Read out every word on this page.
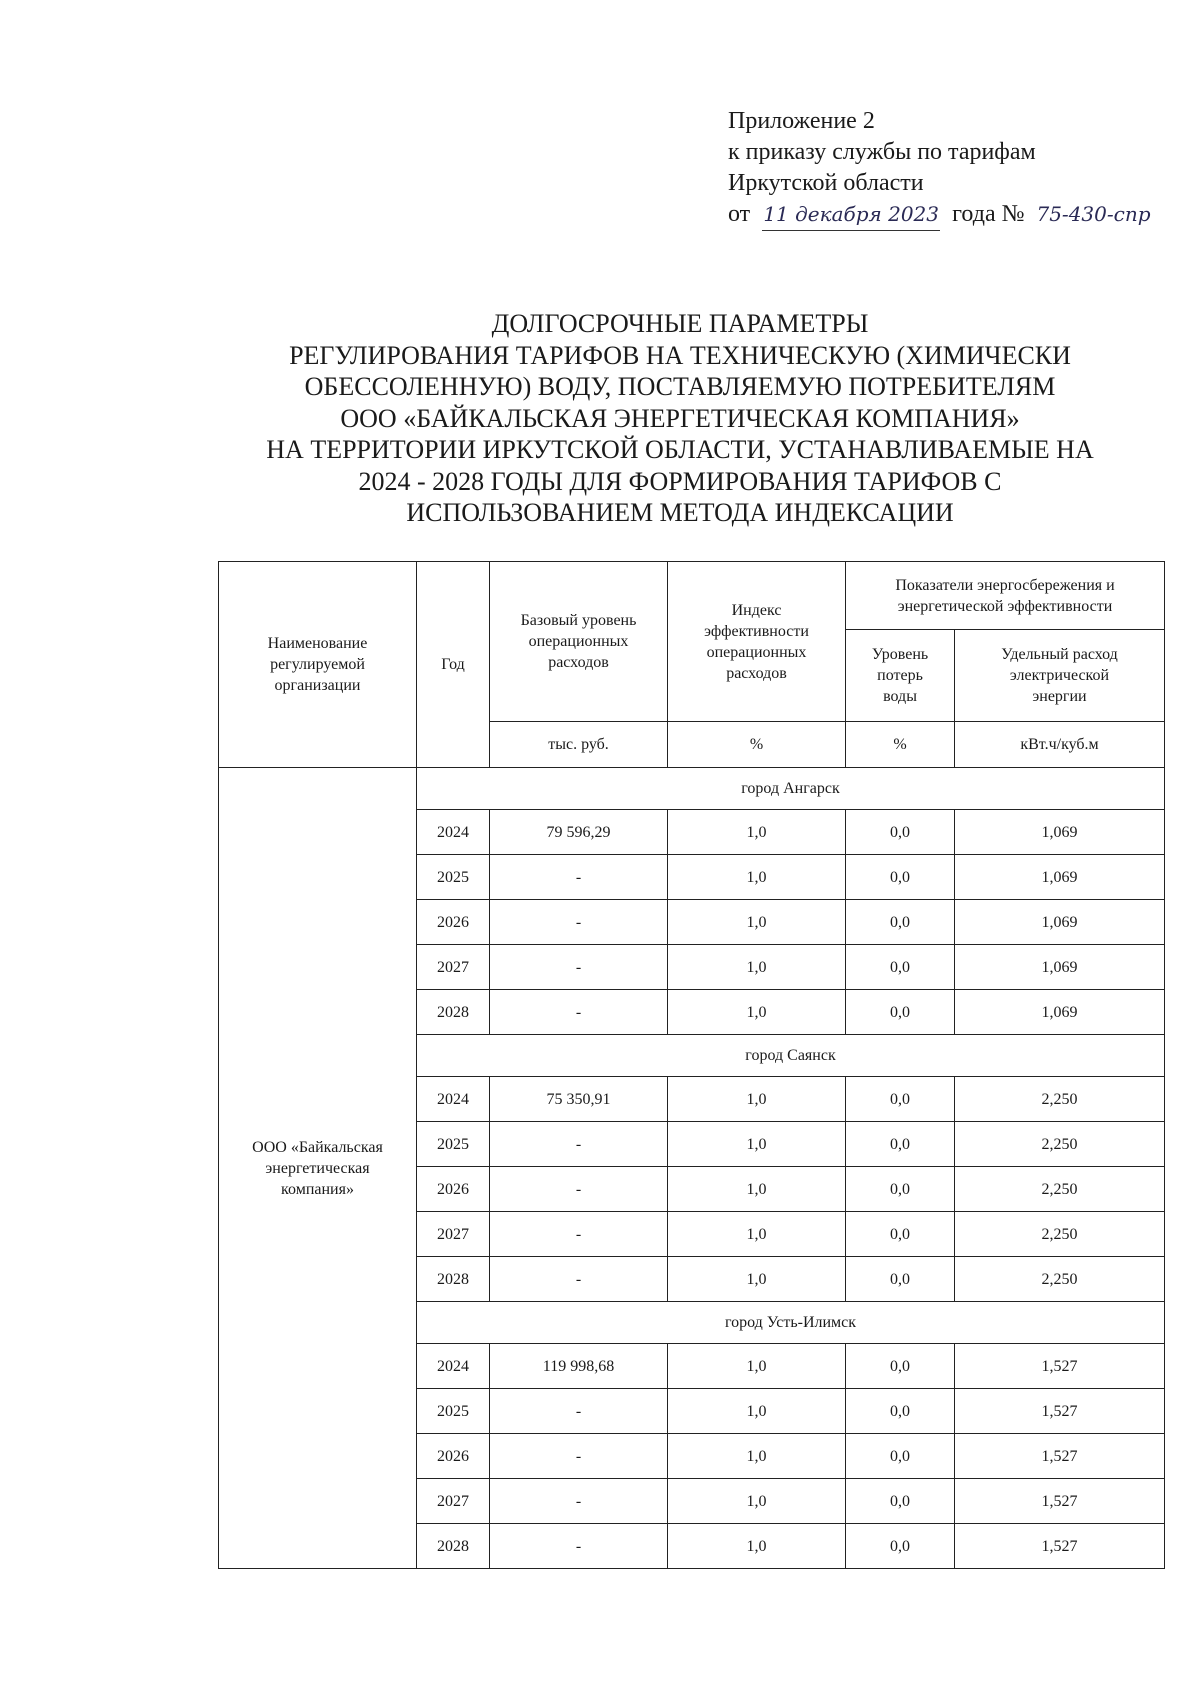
Приложение 2
к приказу службы по тарифам
Иркутской области
от 11 декабря 2023 года № 75-430-спр
ДОЛГОСРОЧНЫЕ ПАРАМЕТРЫ
РЕГУЛИРОВАНИЯ ТАРИФОВ НА ТЕХНИЧЕСКУЮ (ХИМИЧЕСКИ
ОБЕССОЛЕННУЮ) ВОДУ, ПОСТАВЛЯЕМУЮ ПОТРЕБИТЕЛЯМ
ООО «БАЙКАЛЬСКАЯ ЭНЕРГЕТИЧЕСКАЯ КОМПАНИЯ»
НА ТЕРРИТОРИИ ИРКУТСКОЙ ОБЛАСТИ, УСТАНАВЛИВАЕМЫЕ НА
2024 - 2028 ГОДЫ ДЛЯ ФОРМИРОВАНИЯ ТАРИФОВ С
ИСПОЛЬЗОВАНИЕМ МЕТОДА ИНДЕКСАЦИИ
Наименование
регулируемой
организации	Год	Базовый уровень
операционных
расходов	Индекс
эффективности
операционных
расходов	Показатели энергосбережения и
энергетической эффективности	
				Уровень
потерь
воды	Удельный расход
электрической
энергии
		тыс. руб.	%	%	кВт.ч/куб.м
ООО «Байкальская
энергетическая
компания»	город Ангарск				
	2024	79 596,29	1,0	0,0	1,069
	2025	-	1,0	0,0	1,069
	2026	-	1,0	0,0	1,069
	2027	-	1,0	0,0	1,069
	2028	-	1,0	0,0	1,069
	город Саянск				
	2024	75 350,91	1,0	0,0	2,250
	2025	-	1,0	0,0	2,250
	2026	-	1,0	0,0	2,250
	2027	-	1,0	0,0	2,250
	2028	-	1,0	0,0	2,250
	город Усть-Илимск				
	2024	119 998,68	1,0	0,0	1,527
	2025	-	1,0	0,0	1,527
	2026	-	1,0	0,0	1,527
	2027	-	1,0	0,0	1,527
	2028	-	1,0	0,0	1,527
